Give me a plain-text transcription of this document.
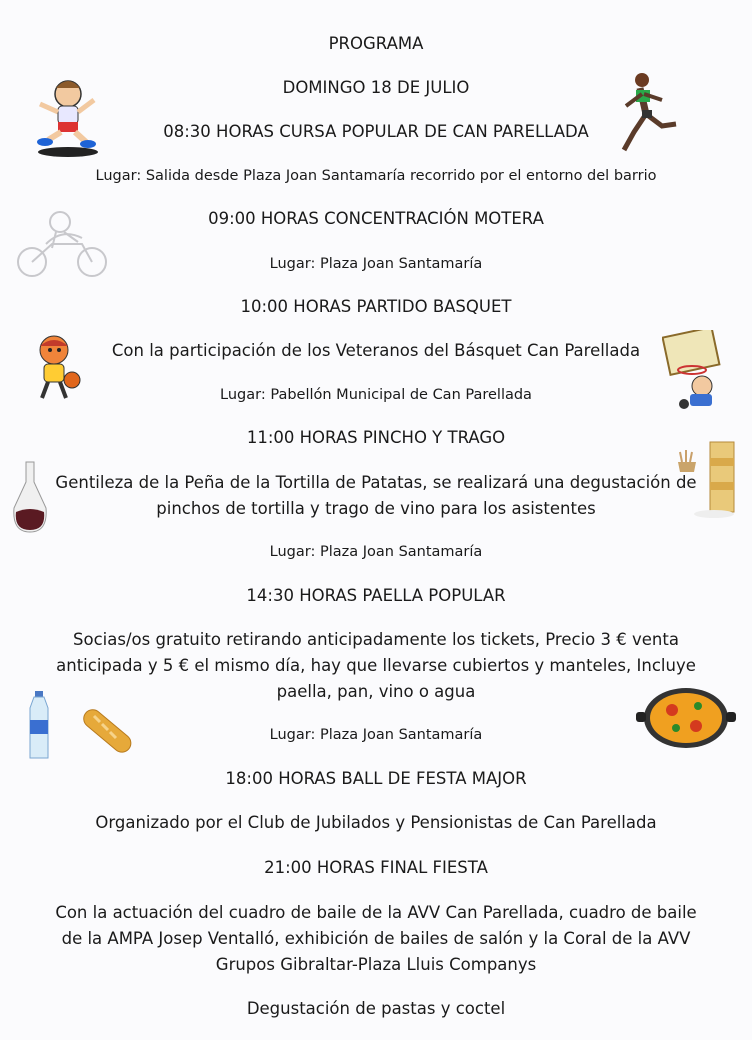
PROGRAMA
DOMINGO 18 DE JULIO
08:30 HORAS CURSA POPULAR DE CAN PARELLADA
Lugar: Salida desde Plaza Joan Santamaría recorrido por el entorno del barrio
09:00 HORAS CONCENTRACIÓN MOTERA
Lugar: Plaza Joan Santamaría
10:00 HORAS PARTIDO BASQUET
Con la participación de los Veteranos del Básquet Can Parellada
Lugar: Pabellón Municipal de Can Parellada
11:00 HORAS PINCHO Y TRAGO
Gentileza de la Peña de la Tortilla de Patatas, se realizará una degustación de
pinchos de tortilla y trago de vino para los asistentes
Lugar: Plaza Joan Santamaría
14:30 HORAS PAELLA POPULAR
Socias/os gratuito retirando anticipadamente los tickets, Precio 3 € venta
anticipada y 5 € el mismo día, hay que llevarse cubiertos y manteles, Incluye
paella, pan, vino o agua
Lugar: Plaza Joan Santamaría
18:00 HORAS BALL DE FESTA MAJOR
Organizado por el Club de Jubilados y Pensionistas de Can Parellada
21:00 HORAS FINAL FIESTA
Con la actuación del cuadro de baile de la AVV Can Parellada, cuadro de baile
de la AMPA Josep Ventalló, exhibición de bailes de salón y la Coral de la AVV
Grupos Gibraltar-Plaza Lluis Companys
Degustación de pastas y coctel
